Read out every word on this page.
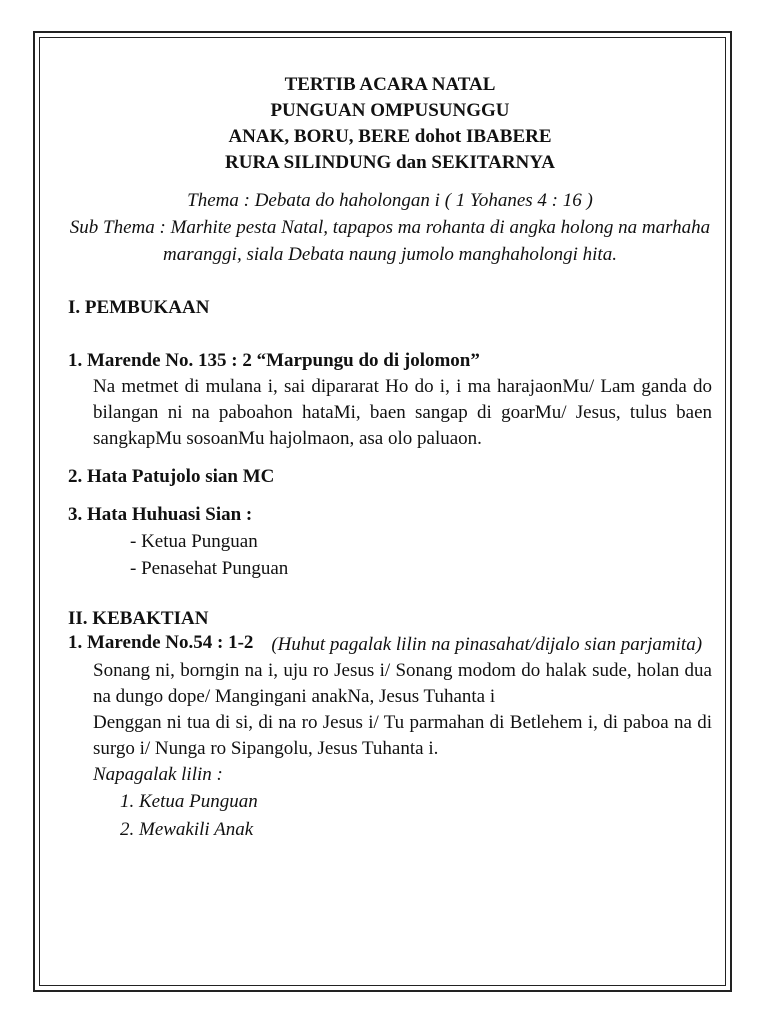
TERTIB ACARA NATAL
PUNGUAN OMPUSUNGGU
ANAK, BORU, BERE dohot IBABERE
RURA SILINDUNG dan SEKITARNYA
Thema : Debata do haholongan i ( 1 Yohanes 4 : 16 )
Sub Thema : Marhite pesta Natal, tapapos ma rohanta di angka holong na marhaha maranggi, siala Debata naung jumolo manghaholongi hita.
I. PEMBUKAAN
1. Marende No. 135 : 2 “Marpungu do di jolomon”
Na metmet di mulana i, sai dipararat Ho do i, i ma harajaonMu/ Lam ganda do bilangan ni na paboahon hataMi, baen sangap di goarMu/ Jesus, tulus baen sangkapMu sosoanMu hajolmaon, asa olo paluaon.
2. Hata Patujolo sian MC
3. Hata Huhuasi Sian :
- Ketua Punguan
- Penasehat Punguan
II. KEBAKTIAN
1. Marende No.54 : 1-2 (Huhut pagalak lilin na pinasahat/dijalo sian parjamita)
Sonang ni, borngin na i, uju ro Jesus i/ Sonang modom do halak sude, holan dua na dungo dope/ Mangingani anakNa, Jesus Tuhanta i
Denggan ni tua di si, di na ro Jesus i/ Tu parmahan di Betlehem i, di paboa na di surgo i/ Nunga ro Sipangolu, Jesus Tuhanta i.
Napagalak lilin :
1. Ketua Punguan
2. Mewakili Anak
